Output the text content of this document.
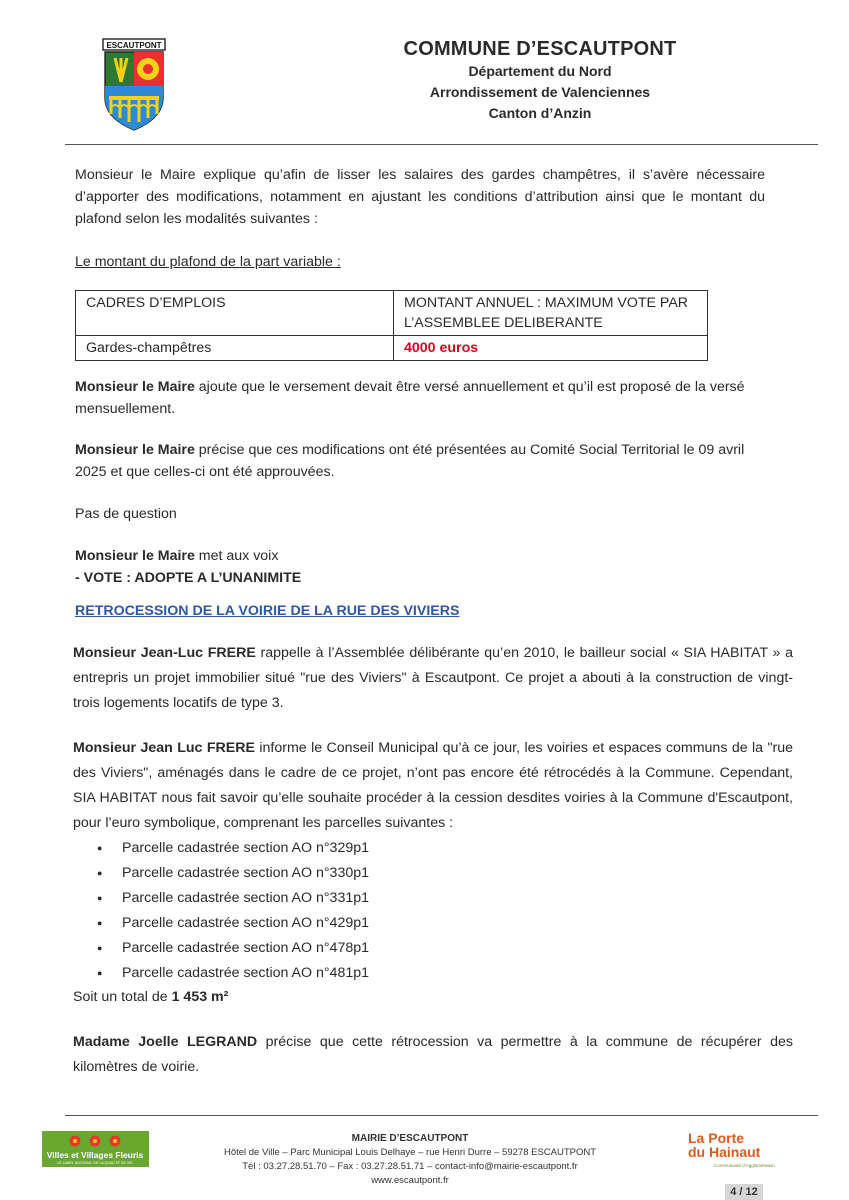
ESCAUTPONT	COMMUNE D’ESCAUTPONT
Département du Nord
Arrondissement de Valenciennes
Canton d’Anzin
Monsieur le Maire explique qu’afin de lisser les salaires des gardes champêtres, il s’avère nécessaire d’apporter des modifications, notamment en ajustant les conditions d’attribution ainsi que le montant du plafond selon les modalités suivantes :
Le montant du plafond de la part variable :
CADRES D’EMPLOIS	MONTANT ANNUEL : MAXIMUM VOTE PAR L’ASSEMBLEE DELIBERANTE
Gardes-champêtres	4000 euros
Monsieur le Maire ajoute que le versement devait être versé annuellement et qu’il est proposé de la versé mensuellement.
Monsieur le Maire précise que ces modifications ont été présentées au Comité Social Territorial le 09 avril 2025 et que celles-ci ont été approuvées.
Pas de question
Monsieur le Maire met aux voix
- VOTE : ADOPTE A L’UNANIMITE
RETROCESSION DE LA VOIRIE DE LA RUE DES VIVIERS
Monsieur Jean-Luc FRERE rappelle à l’Assemblée délibérante qu’en 2010, le bailleur social « SIA HABITAT » a entrepris un projet immobilier situé "rue des Viviers" à Escautpont. Ce projet a abouti à la construction de vingt-trois logements locatifs de type 3.
Monsieur Jean Luc FRERE informe le Conseil Municipal qu’à ce jour, les voiries et espaces communs de la "rue des Viviers", aménagés dans le cadre de ce projet, n’ont pas encore été rétrocédés à la Commune. Cependant, SIA HABITAT nous fait savoir qu’elle souhaite procéder à la cession desdites voiries à la Commune d'Escautpont, pour l’euro symbolique, comprenant les parcelles suivantes :
● Parcelle cadastrée section AO n°329p1
● Parcelle cadastrée section AO n°330p1
● Parcelle cadastrée section AO n°331p1
● Parcelle cadastrée section AO n°429p1
● Parcelle cadastrée section AO n°478p1
● Parcelle cadastrée section AO n°481p1
Soit un total de 1 453 m²
Madame Joelle LEGRAND précise que cette rétrocession va permettre à la commune de récupérer des kilomètres de voirie.
Villes et Villages Fleuris
LE LABEL NATIONAL DE LA QUALITÉ DE VIE
MAIRIE D’ESCAUTPONT
Hôtel de Ville – Parc Municipal Louis Delhaye – rue Henri Durre – 59278 ESCAUTPONT
Tél : 03.27.28.51.70 – Fax : 03.27.28.51.71 – contact-info@mairie-escautpont.fr
www.escautpont.fr
La Porte
du Hainaut
Communauté d’Agglomération
4 / 12
